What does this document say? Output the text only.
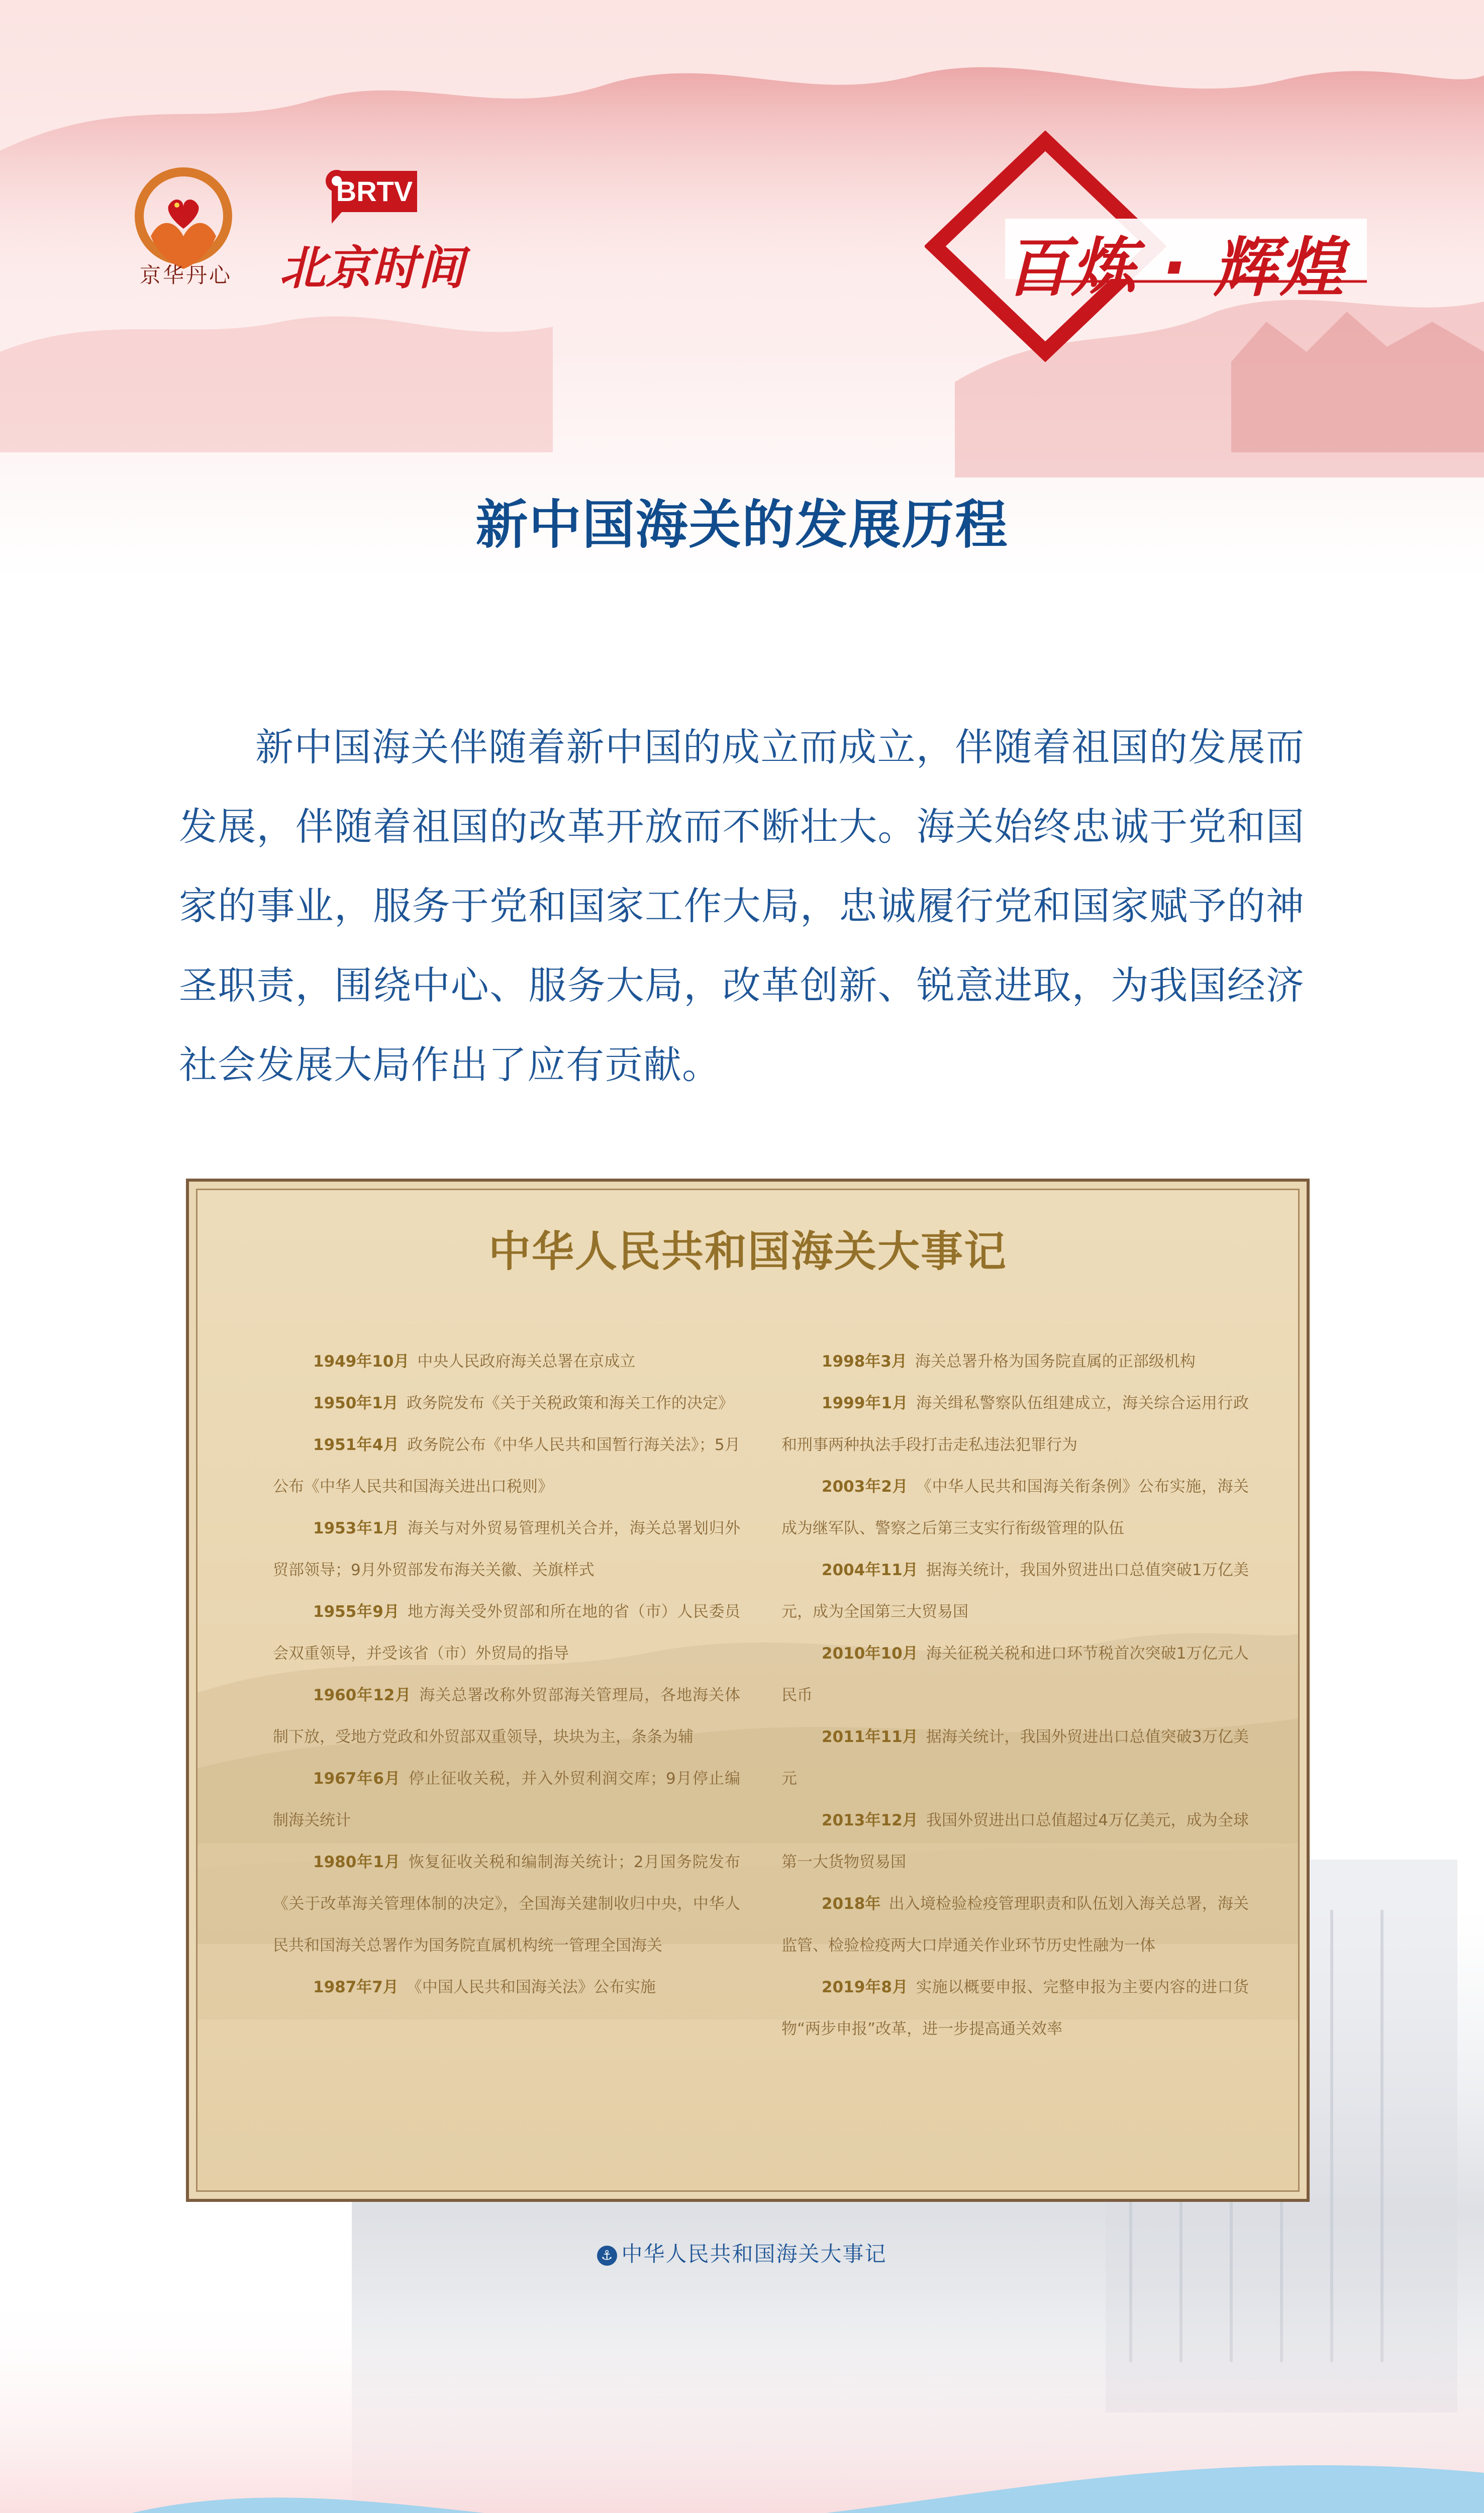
京华丹心
BRTV
北京时间	百炼 · 辉煌
新中国海关的发展历程

新中国海关伴随着新中国的成立而成立，伴随着祖国的发展而发展，伴随着祖国的改革开放而不断壮大。海关始终忠诚于党和国家的事业，服务于党和国家工作大局，忠诚履行党和国家赋予的神圣职责，围绕中心、服务大局，改革创新、锐意进取，为我国经济社会发展大局作出了应有贡献。

中华人民共和国海关大事记

1949年10月 中央人民政府海关总署在京成立

1950年1月 政务院发布《关于关税政策和海关工作的决定》

1951年4月 政务院公布《中华人民共和国暂行海关法》；5月公布《中华人民共和国海关进出口税则》

1953年1月 海关与对外贸易管理机关合并，海关总署划归外贸部领导；9月外贸部发布海关关徽、关旗样式

1955年9月 地方海关受外贸部和所在地的省（市）人民委员会双重领导，并受该省（市）外贸局的指导

1960年12月 海关总署改称外贸部海关管理局，各地海关体制下放，受地方党政和外贸部双重领导，块块为主，条条为辅

1967年6月 停止征收关税，并入外贸利润交库；9月停止编制海关统计

1980年1月 恢复征收关税和编制海关统计；2月国务院发布《关于改革海关管理体制的决定》，全国海关建制收归中央，中华人民共和国海关总署作为国务院直属机构统一管理全国海关

1987年7月 《中国人民共和国海关法》公布实施

1998年3月 海关总署升格为国务院直属的正部级机构

1999年1月 海关缉私警察队伍组建成立，海关综合运用行政和刑事两种执法手段打击走私违法犯罪行为

2003年2月 《中华人民共和国海关衔条例》公布实施，海关成为继军队、警察之后第三支实行衔级管理的队伍

2004年11月 据海关统计，我国外贸进出口总值突破1万亿美元，成为全国第三大贸易国

2010年10月 海关征税关税和进口环节税首次突破1万亿元人民币

2011年11月 据海关统计，我国外贸进出口总值突破3万亿美元

2013年12月 我国外贸进出口总值超过4万亿美元，成为全球第一大货物贸易国

2018年 出入境检验检疫管理职责和队伍划入海关总署，海关监管、检验检疫两大口岸通关作业环节历史性融为一体

2019年8月 实施以概要申报、完整申报为主要内容的进口货物“两步申报”改革，进一步提高通关效率

⚓ 中华人民共和国海关大事记
